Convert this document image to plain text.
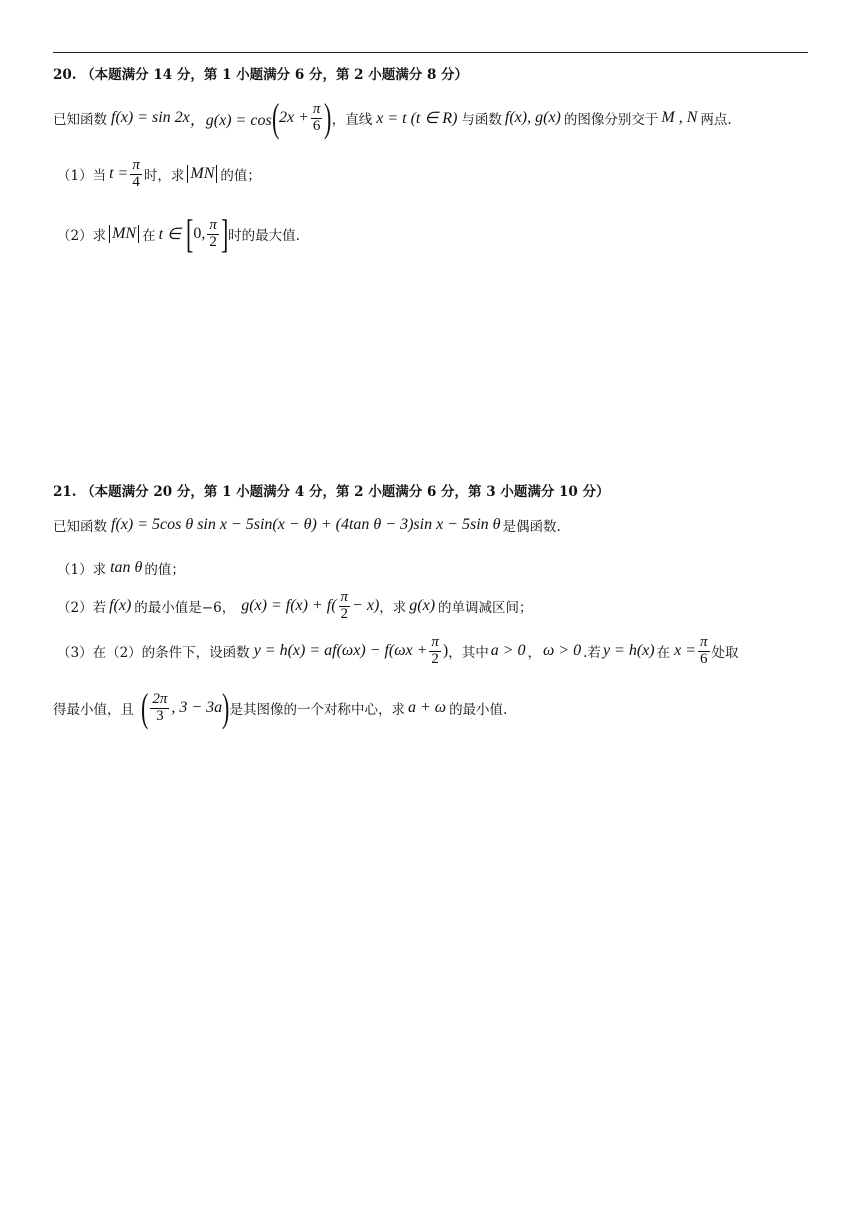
20. （本题满分 14 分，第 1 小题满分 6 分，第 2 小题满分 8 分）
已知函数 f(x) = sin 2x ，g(x) = cos ( $2x + \frac{\pi}{6}$ ) ，直线 x = t (t ∈ R) 与函数 f(x), g(x) 的图像分别交于 M , N 两点.
（1）当 $t = \frac{\pi}{4}$ 时，求 MN 的值；
（2）求 MN 在 t ∈ [ 0, $\frac{\pi}{2}$ ] 时的最大值.
21. （本题满分 20 分，第 1 小题满分 4 分，第 2 小题满分 6 分，第 3 小题满分 10 分）
已知函数 f(x) = 5cos θ sin x − 5sin(x − θ) + (4tan θ − 3)sin x − 5sin θ 是偶函数.
（1）求 tan θ 的值；
（2）若 f(x) 的最小值是−6， $g(x) = f(x) + f( \frac{\pi}{2} - x)$ ，求 g(x) 的单调减区间；
（3）在（2）的条件下，设函数 $y = h(x) = af(\omega x) - f(\omega x + \frac{\pi}{2}$ ) ，其中 a > 0 ， ω > 0 .若 y = h(x) 在 $x = \frac{\pi}{6}$ 处取
得最小值，且 ( $\frac{2\pi}{3}$ , 3 − 3a ) 是其图像的一个对称中心，求 a + ω 的最小值.
